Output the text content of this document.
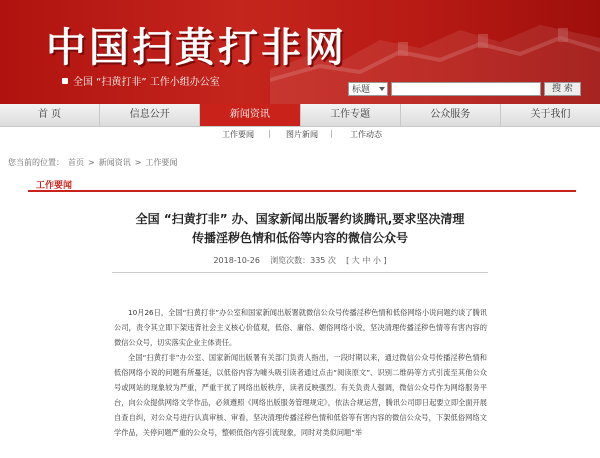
中国扫黄打非网
全国 “扫黄打非” 工作小组办公室
标题	搜 索
首 页	信息公开	新闻资讯	工作专题	公众服务	关于我们
工作要闻 | 图片新闻 | 工作动态
您当前的位置： 首页 > 新闻资讯 > 工作要闻
工作要闻
全国 “扫黄打非” 办、国家新闻出版署约谈腾讯,要求坚决清理
传播淫秽色情和低俗等内容的微信公众号
2018-10-26 浏览次数：335 次 [ 大 中 小 ]

10月26日，全国“扫黄打非”办公室和国家新闻出版署就微信公众号传播淫秽色情和低俗网络小说问题约谈了腾讯公司，责令其立即下架违背社会主义核心价值观，低俗、庸俗、媚俗网络小说，坚决清理传播淫秽色情等有害内容的微信公众号，切实落实企业主体责任。

全国“扫黄打非”办公室、国家新闻出版署有关部门负责人指出，一段时期以来，通过微信公众号传播淫秽色情和低俗网络小说的问题有所蔓延，以低俗内容为噱头吸引读者通过点击“阅读原文”、识别二维码等方式引流至其他公众号或网站的现象较为严重，严重干扰了网络出版秩序，读者反映强烈。有关负责人强调，微信公众号作为网络服务平台，向公众提供网络文学作品，必须遵照《网络出版服务管理规定》，依法合规运营，腾讯公司即日起要立即全面开展自查自纠，对公众号进行认真审核、审看，坚决清理传播淫秽色情和低俗等有害内容的微信公众号，下架低俗网络文学作品，关停问题严重的公众号，整顿低俗内容引流现象，同时对类似问题“举
